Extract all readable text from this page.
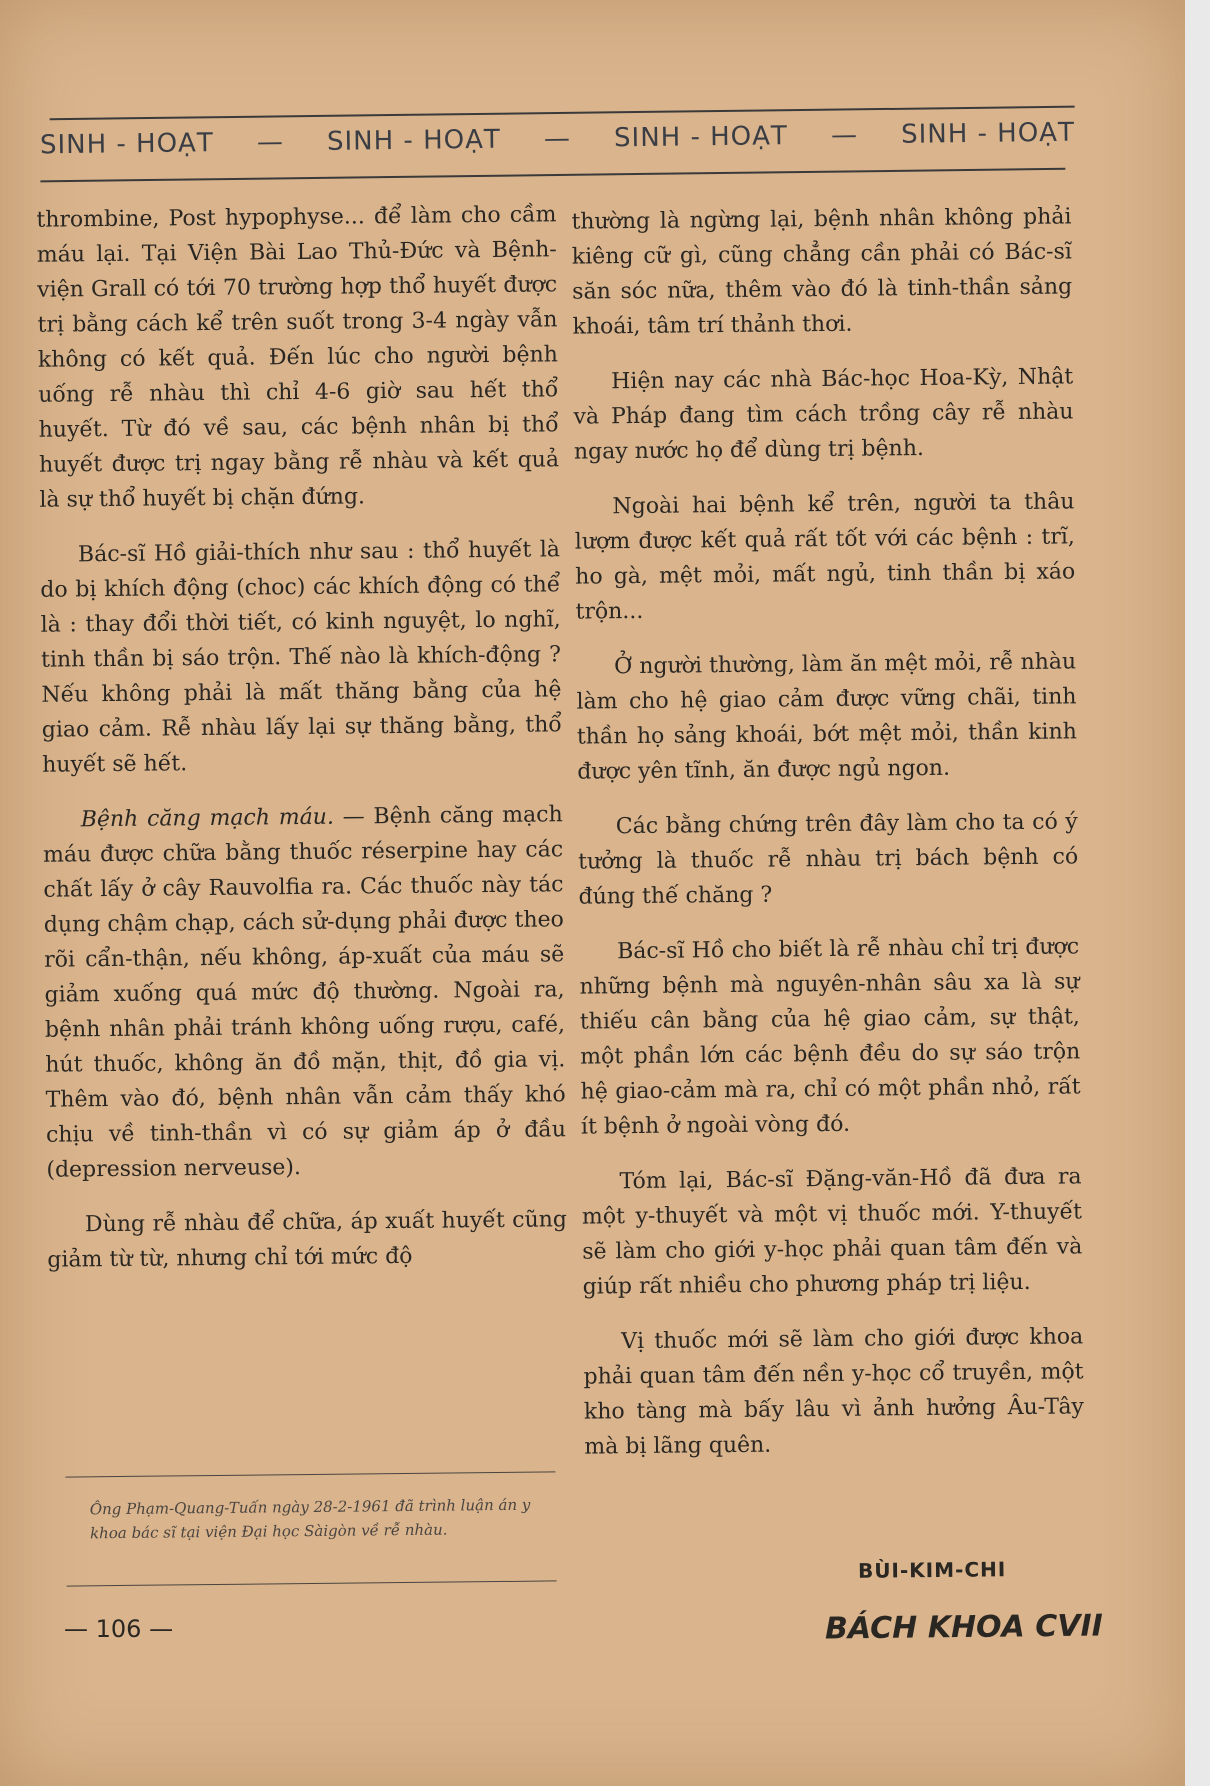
SINH - HOẠT — SINH - HOẠT — SINH - HOẠT — SINH - HOẠT

thrombine, Post hypophyse... để làm cho cầm máu lại. Tại Viện Bài Lao Thủ-Đức và Bệnh-viện Grall có tới 70 trường hợp thổ huyết được trị bằng cách kể trên suốt trong 3-4 ngày vẫn không có kết quả. Đến lúc cho người bệnh uống rễ nhàu thì chỉ 4-6 giờ sau hết thổ huyết. Từ đó về sau, các bệnh nhân bị thổ huyết được trị ngay bằng rễ nhàu và kết quả là sự thổ huyết bị chặn đứng.

Bác-sĩ Hồ giải-thích như sau : thổ huyết là do bị khích động (choc) các khích động có thể là : thay đổi thời tiết, có kinh nguyệt, lo nghĩ, tinh thần bị sáo trộn. Thế nào là khích-động ? Nếu không phải là mất thăng bằng của hệ giao cảm. Rễ nhàu lấy lại sự thăng bằng, thổ huyết sẽ hết.

Bệnh căng mạch máu. — Bệnh căng mạch máu được chữa bằng thuốc réserpine hay các chất lấy ở cây Rauvolfia ra. Các thuốc này tác dụng chậm chạp, cách sử-dụng phải được theo rõi cẩn-thận, nếu không, áp-xuất của máu sẽ giảm xuống quá mức độ thường. Ngoài ra, bệnh nhân phải tránh không uống rượu, café, hút thuốc, không ăn đồ mặn, thịt, đồ gia vị. Thêm vào đó, bệnh nhân vẫn cảm thấy khó chịu về tinh-thần vì có sự giảm áp ở đầu (depression nerveuse).

Dùng rễ nhàu để chữa, áp xuất huyết cũng giảm từ từ, nhưng chỉ tới mức độ

Ông Phạm-Quang-Tuấn ngày 28-2-1961 đã trình luận án y khoa bác sĩ tại viện Đại học Sàigòn về rễ nhàu.

thường là ngừng lại, bệnh nhân không phải kiêng cữ gì, cũng chẳng cần phải có Bác-sĩ săn sóc nữa, thêm vào đó là tinh-thần sảng khoái, tâm trí thảnh thơi.

Hiện nay các nhà Bác-học Hoa-Kỳ, Nhật và Pháp đang tìm cách trồng cây rễ nhàu ngay nước họ để dùng trị bệnh.

Ngoài hai bệnh kể trên, người ta thâu lượm được kết quả rất tốt với các bệnh : trĩ, ho gà, mệt mỏi, mất ngủ, tinh thần bị xáo trộn...

Ở người thường, làm ăn mệt mỏi, rễ nhàu làm cho hệ giao cảm được vững chãi, tinh thần họ sảng khoái, bớt mệt mỏi, thần kinh được yên tĩnh, ăn được ngủ ngon.

Các bằng chứng trên đây làm cho ta có ý tưởng là thuốc rễ nhàu trị bách bệnh có đúng thế chăng ?

Bác-sĩ Hồ cho biết là rễ nhàu chỉ trị được những bệnh mà nguyên-nhân sâu xa là sự thiếu cân bằng của hệ giao cảm, sự thật, một phần lớn các bệnh đều do sự sáo trộn hệ giao-cảm mà ra, chỉ có một phần nhỏ, rất ít bệnh ở ngoài vòng đó.

Tóm lại, Bác-sĩ Đặng-văn-Hồ đã đưa ra một y-thuyết và một vị thuốc mới. Y-thuyết sẽ làm cho giới y-học phải quan tâm đến và giúp rất nhiều cho phương pháp trị liệu.

Vị thuốc mới sẽ làm cho giới được khoa phải quan tâm đến nền y-học cổ truyền, một kho tàng mà bấy lâu vì ảnh hưởng Âu-Tây mà bị lãng quên.

BÙI-KIM-CHI
— 106 —	BÁCH KHOA CVII
